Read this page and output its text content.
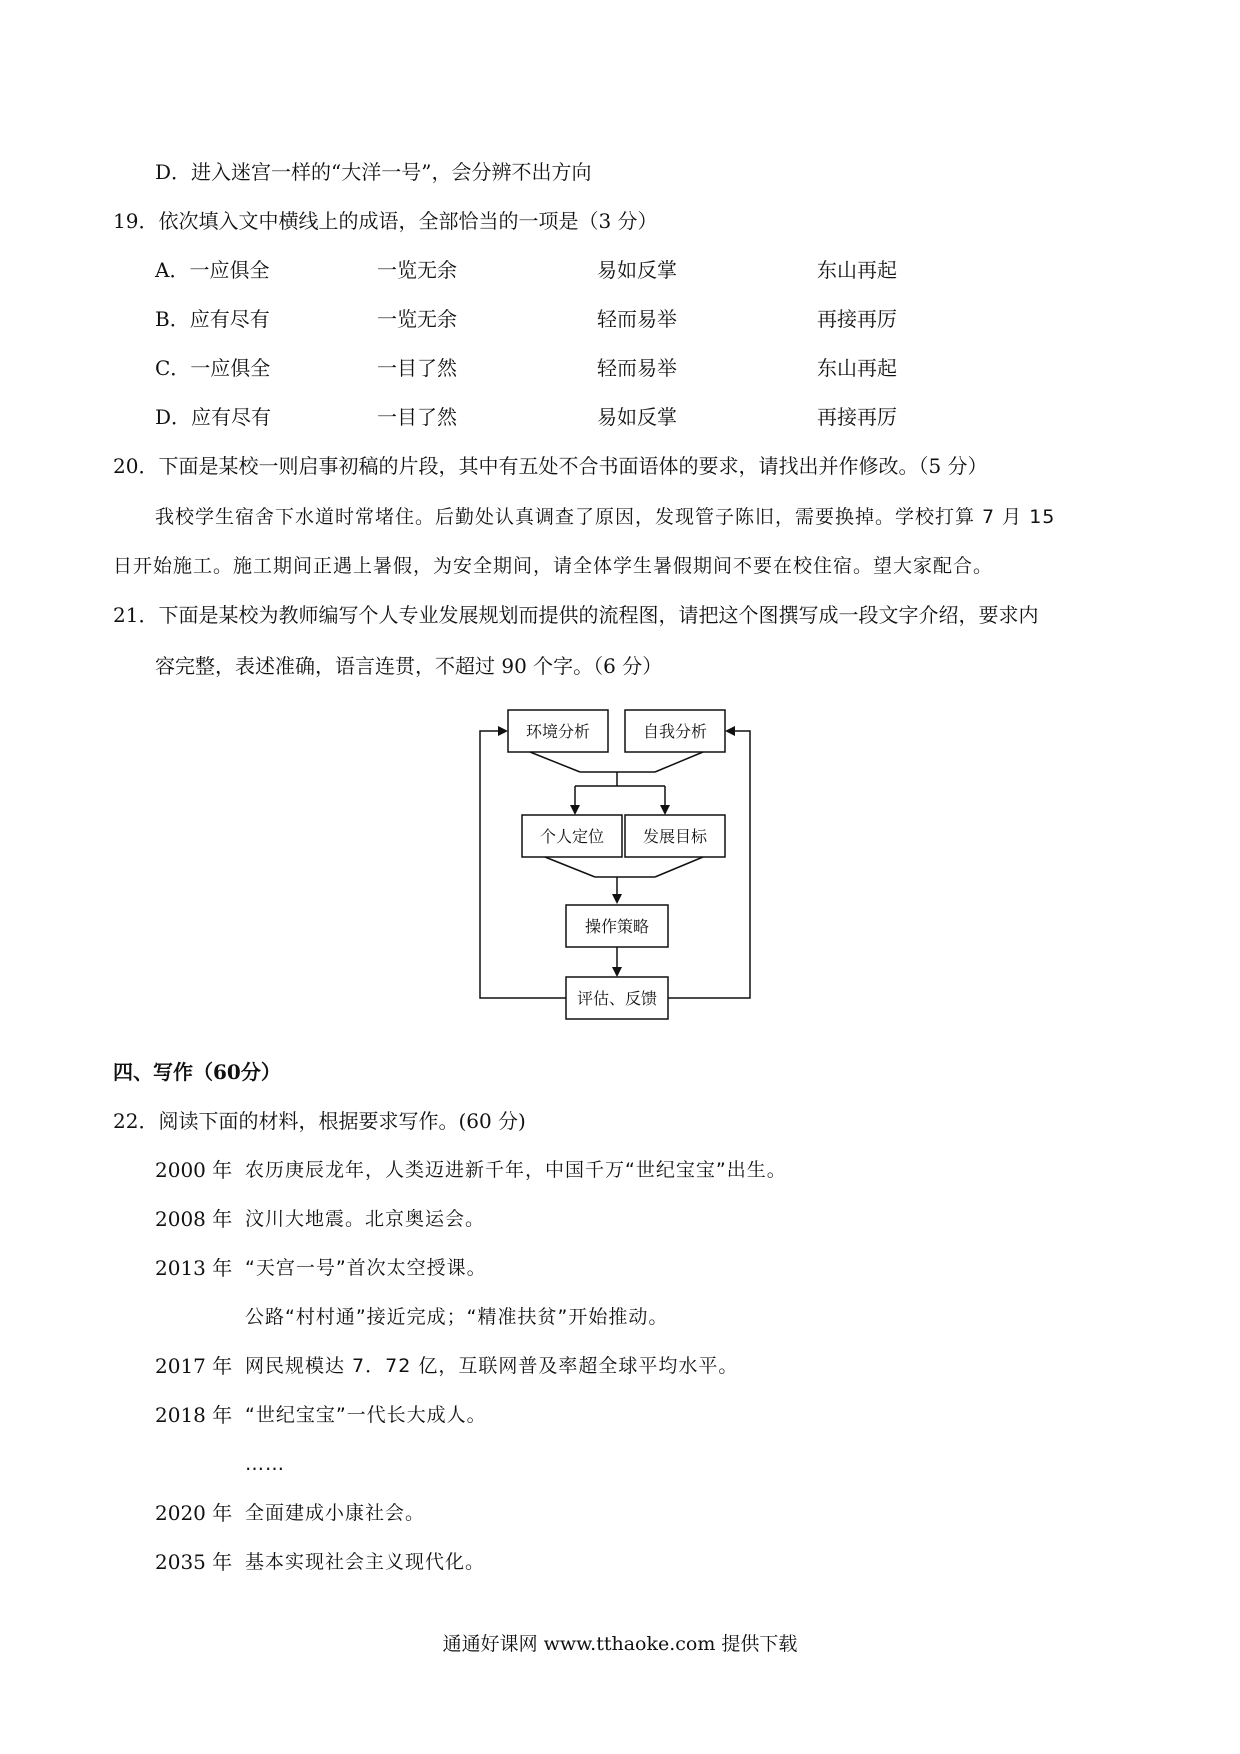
D．进入迷宫一样的“大洋一号”，会分辨不出方向
19．依次填入文中横线上的成语，全部恰当的一项是（3 分）
A．一应俱全	一览无余	易如反掌	东山再起
B．应有尽有	一览无余	轻而易举	再接再厉
C．一应俱全	一目了然	轻而易举	东山再起
D．应有尽有	一目了然	易如反掌	再接再厉
20．下面是某校一则启事初稿的片段，其中有五处不合书面语体的要求，请找出并作修改。（5 分）
我校学生宿舍下水道时常堵住。后勤处认真调查了原因，发现管子陈旧，需要换掉。学校打算 7 月 15
日开始施工。施工期间正遇上暑假，为安全期间，请全体学生暑假期间不要在校住宿。望大家配合。
21．下面是某校为教师编写个人专业发展规划而提供的流程图，请把这个图撰写成一段文字介绍，要求内
容完整，表述准确，语言连贯，不超过 90 个字。（6 分）
环境分析	自我分析
个人定位 发展目标
操作策略
评估、反馈
四、写作（60分）
22．阅读下面的材料，根据要求写作。(60 分)
2000 年 农历庚辰龙年，人类迈进新千年，中国千万“世纪宝宝”出生。
2008 年 汶川大地震。北京奥运会。
2013 年 “天宫一号”首次太空授课。
公路“村村通”接近完成；“精准扶贫”开始推动。
2017 年 网民规模达 7．72 亿，互联网普及率超全球平均水平。
2018 年 “世纪宝宝”一代长大成人。
……
2020 年 全面建成小康社会。
2035 年 基本实现社会主义现代化。
通通好课网 www.tthaoke.com 提供下载
